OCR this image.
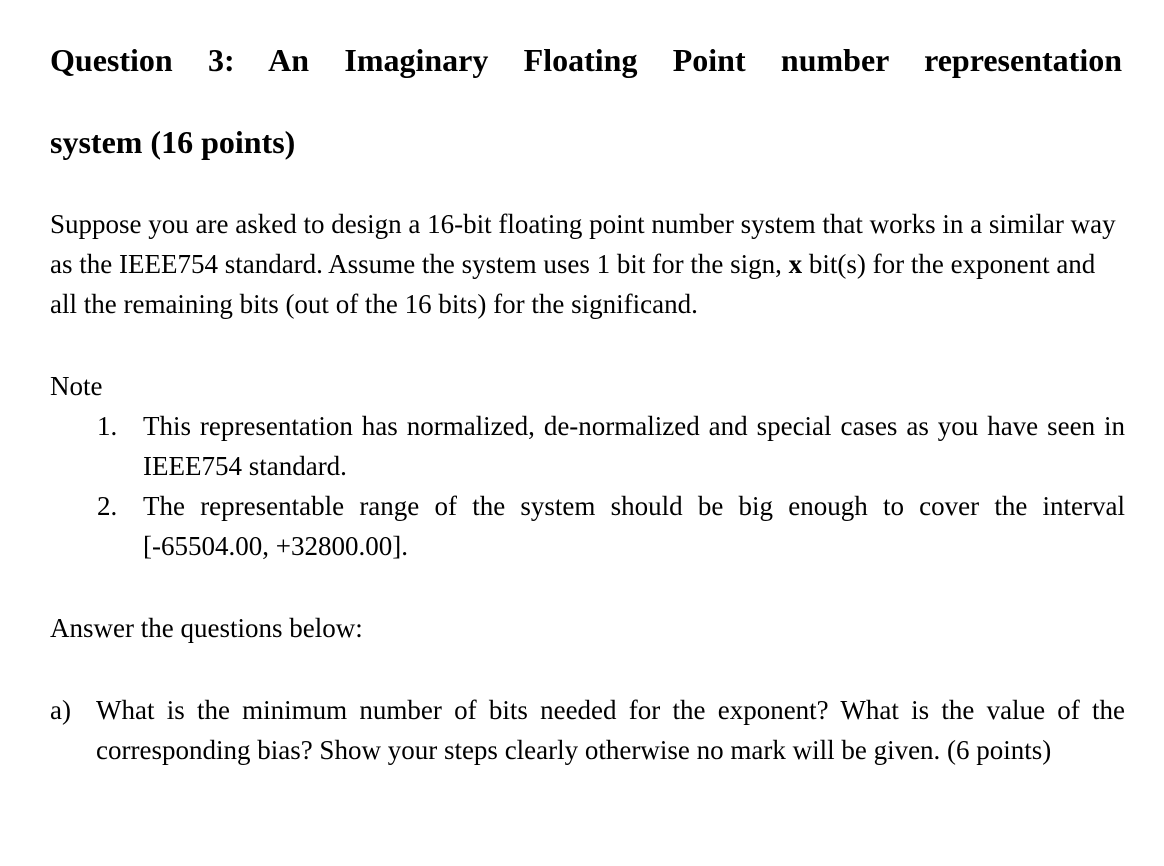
Question 3: An Imaginary Floating Point number representation
system (16 points)

Suppose you are asked to design a 16-bit floating point number system that works in a similar way as the IEEE754 standard. Assume the system uses 1 bit for the sign, x bit(s) for the exponent and all the remaining bits (out of the 16 bits) for the significand.

Note

1. This representation has normalized, de-normalized and special cases as you have seen in IEEE754 standard.
2. The representable range of the system should be big enough to cover the interval [-65504.00, +32800.00].

Answer the questions below:

a) What is the minimum number of bits needed for the exponent? What is the value of the corresponding bias? Show your steps clearly otherwise no mark will be given. (6 points)
